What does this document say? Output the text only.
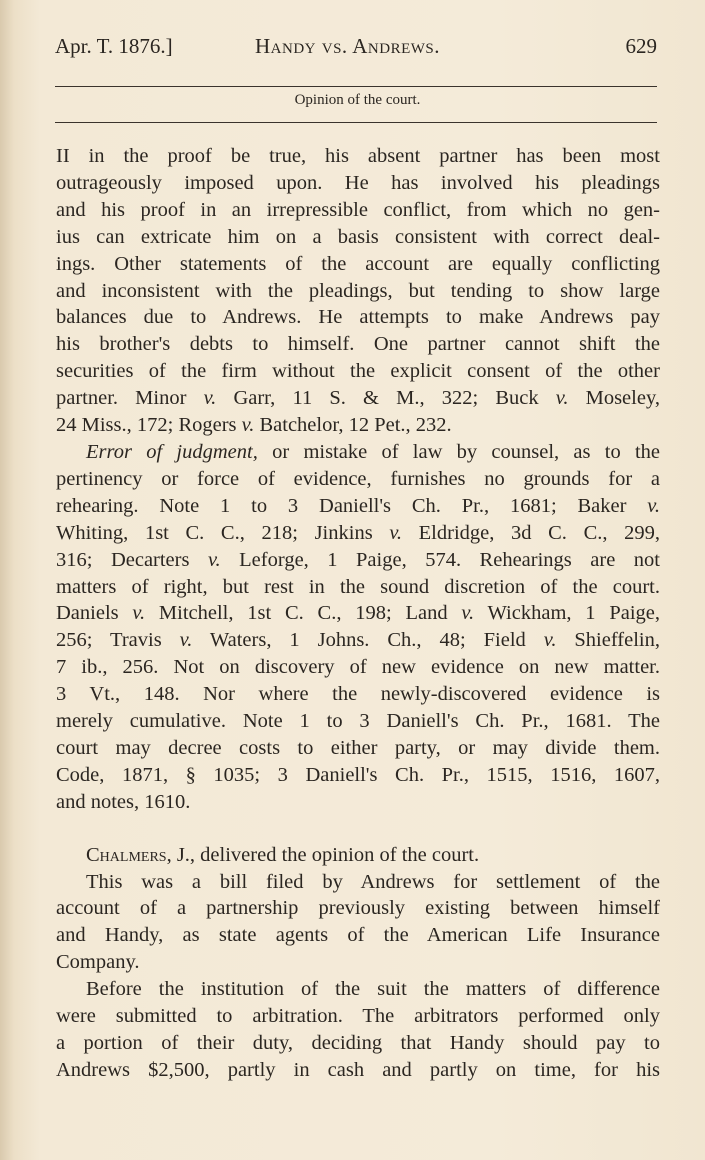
Apr. T. 1876.]	Handy vs. Andrews.	629
Opinion of the court.
II in the proof be true, his absent partner has been most
outrageously imposed upon. He has involved his pleadings
and his proof in an irrepressible conflict, from which no gen-
ius can extricate him on a basis consistent with correct deal-
ings. Other statements of the account are equally conflicting
and inconsistent with the pleadings, but tending to show large
balances due to Andrews. He attempts to make Andrews pay
his brother's debts to himself. One partner cannot shift the
securities of the firm without the explicit consent of the other
partner. Minor v. Garr, 11 S. & M., 322; Buck v. Moseley,
24 Miss., 172; Rogers v. Batchelor, 12 Pet., 232.
Error of judgment, or mistake of law by counsel, as to the
pertinency or force of evidence, furnishes no grounds for a
rehearing. Note 1 to 3 Daniell's Ch. Pr., 1681; Baker v.
Whiting, 1st C. C., 218; Jinkins v. Eldridge, 3d C. C., 299,
316; Decarters v. Leforge, 1 Paige, 574. Rehearings are not
matters of right, but rest in the sound discretion of the court.
Daniels v. Mitchell, 1st C. C., 198; Land v. Wickham, 1 Paige,
256; Travis v. Waters, 1 Johns. Ch., 48; Field v. Shieffelin,
7 ib., 256. Not on discovery of new evidence on new matter.
3 Vt., 148. Nor where the newly-discovered evidence is
merely cumulative. Note 1 to 3 Daniell's Ch. Pr., 1681. The
court may decree costs to either party, or may divide them.
Code, 1871, § 1035; 3 Daniell's Ch. Pr., 1515, 1516, 1607,
and notes, 1610.
Chalmers, J., delivered the opinion of the court.
This was a bill filed by Andrews for settlement of the
account of a partnership previously existing between himself
and Handy, as state agents of the American Life Insurance
Company.
Before the institution of the suit the matters of difference
were submitted to arbitration. The arbitrators performed only
a portion of their duty, deciding that Handy should pay to
Andrews $2,500, partly in cash and partly on time, for his
